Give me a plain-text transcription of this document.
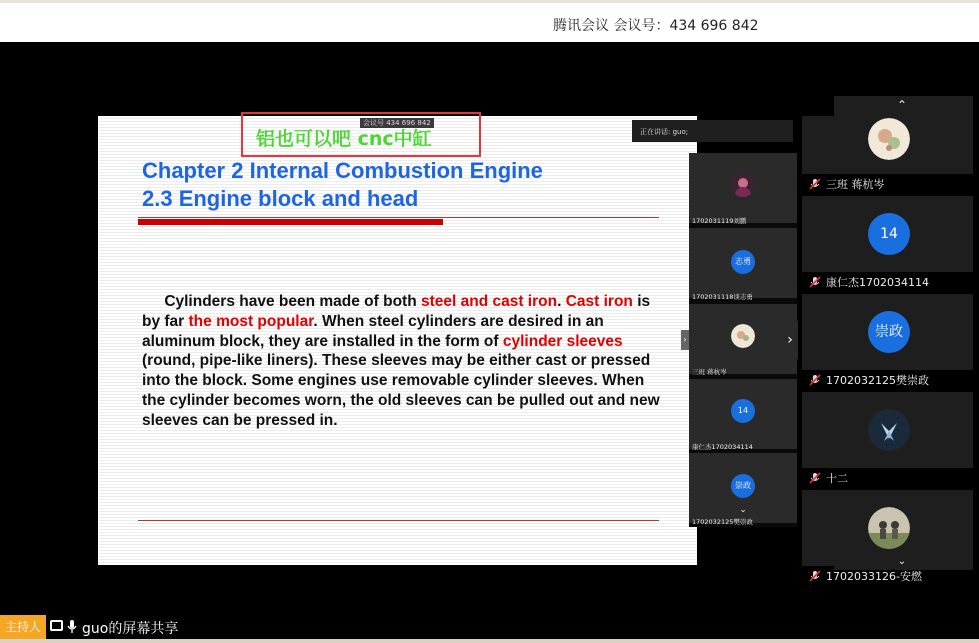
腾讯会议 会议号：434 696 842
Chapter 2 Internal Combustion Engine
2.3 Engine block and head
Cylinders have been made of both steel and cast iron. Cast iron is by far the most popular. When steel cylinders are desired in an aluminum block, they are installed in the form of cylinder sleeves (round, pipe-like liners). These sleeves may be either cast or pressed into the block. Some engines use removable cylinder sleeves. When the cylinder becomes worn, the old sleeves can be pulled out and new sleeves can be pressed in.
铝也可以吧 cnc中缸
会议号 434 696 842
正在讲话: guo;
›
1702031119刘鹏
志勇
1702031118谈志勇
三班 蒋杭岑
14
康仁杰1702034114
崇政
1702032125樊崇政
⌄
›
⌃
三班 蒋杭岑
14
康仁杰1702034114
崇政
1702032125樊崇政
十二
⌄
1702033126-安燃
主持人	guo的屏幕共享
